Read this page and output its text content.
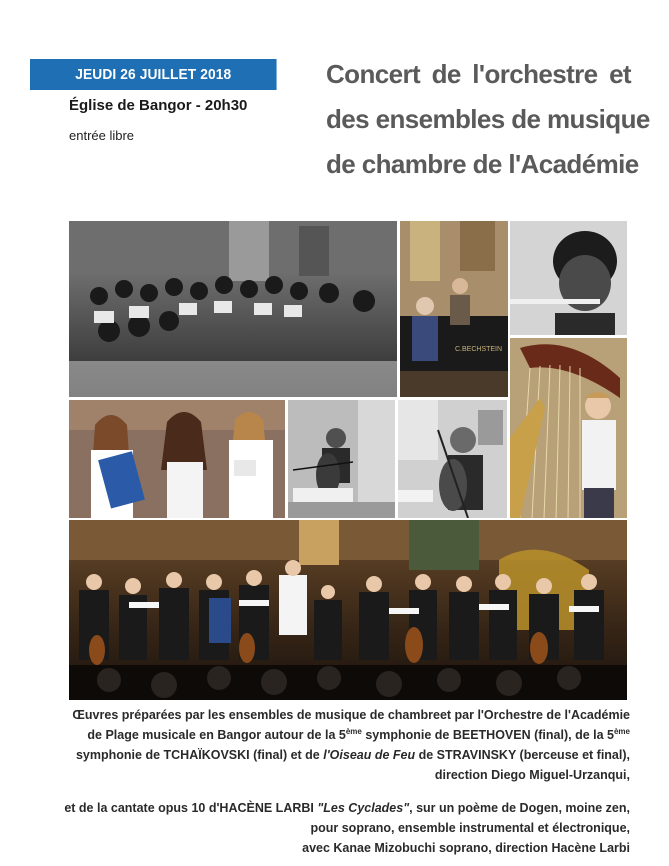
JEUDI 26 JUILLET 2018
Église de Bangor - 20h30
entrée libre
Concert de l'orchestre et
des ensembles de musique
de chambre de l'Académie
C.BECHSTEIN
Œuvres préparées par les ensembles de musique de chambreet par l'Orchestre de l'Académie
de Plage musicale en Bangor autour de la 5ème symphonie de BEETHOVEN (final), de la 5ème
symphonie de TCHAÏKOVSKI (final) et de l'Oiseau de Feu de STRAVINSKY (berceuse et final),
direction Diego Miguel-Urzanqui,
et de la cantate opus 10 d'HACÈNE LARBI "Les Cyclades", sur un poème de Dogen, moine zen,
pour soprano, ensemble instrumental et électronique,
avec Kanae Mizobuchi soprano, direction Hacène Larbi
